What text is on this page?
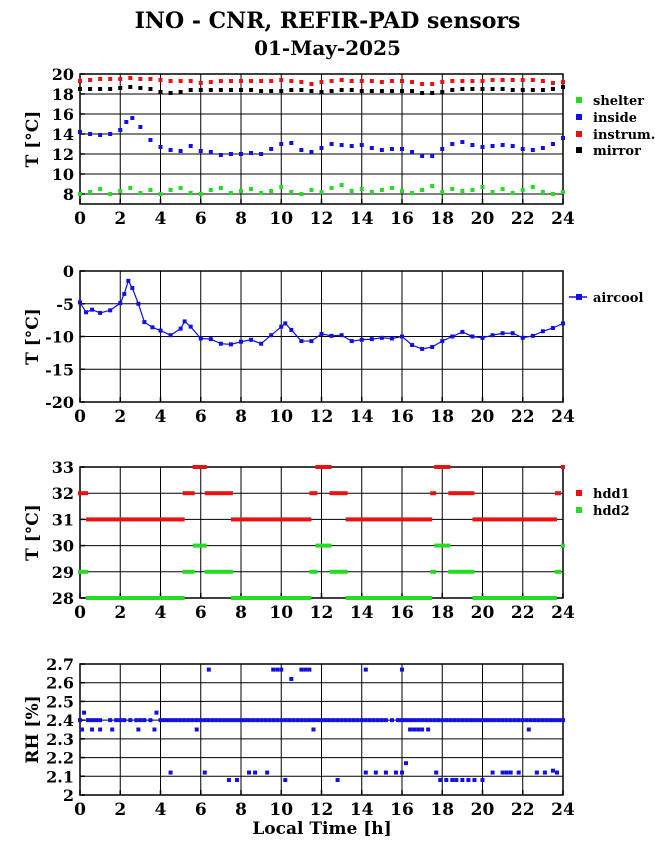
INO - CNR, REFIR-PAD sensors
01-May-2025
0 2 4 6 8 10 12 14 16 18 20 22 24
8
10
12
14
16
18
20
T [°C]
shelter
inside
instrum.
mirror
0 2 4 6 8 10 12 14 16 18 20 22 24
-20
-15
-10
-5
0
T [°C]
aircool
0 2 4 6 8 10 12 14 16 18 20 22 24
28
29
30
31
32
33
T [°C]
hdd1
hdd2
0 2 4 6 8 10 12 14 16 18 20 22 24
2
2.1
2.2
2.3
2.4
2.5
2.6
2.7
RH [%]
Local Time [h]
